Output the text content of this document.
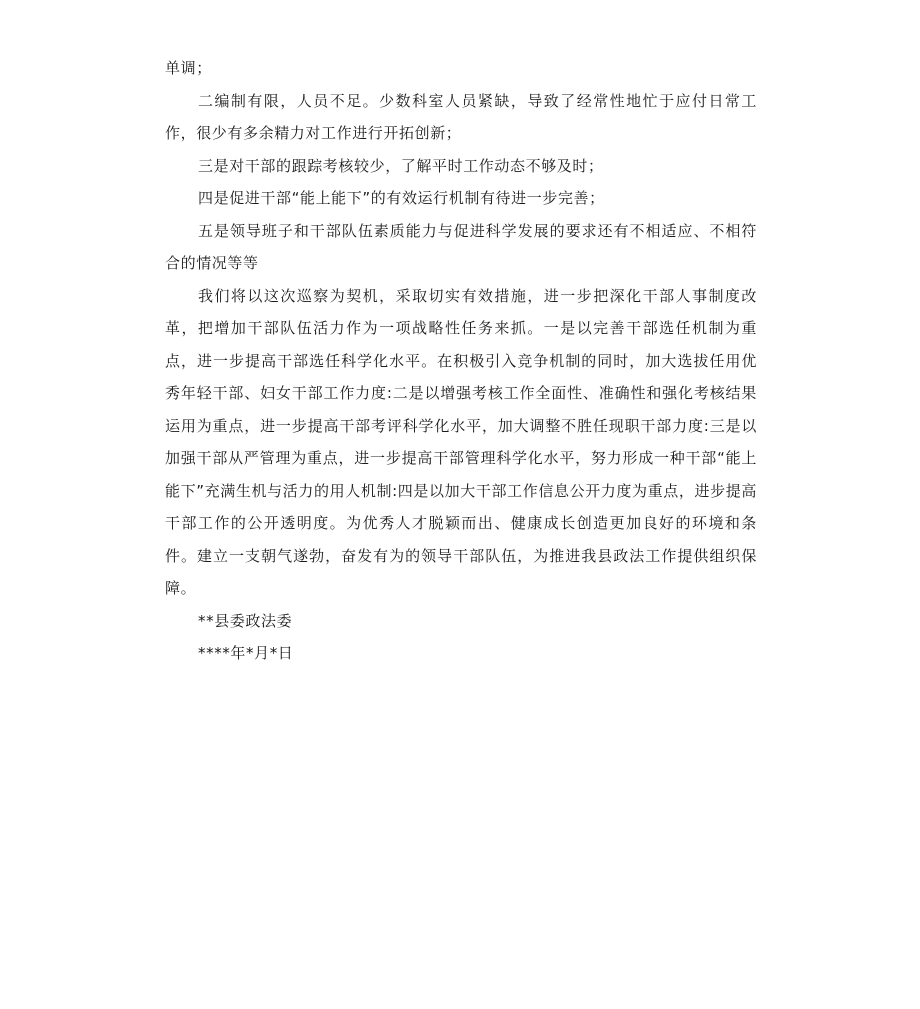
单调；

二编制有限，人员不足。少数科室人员紧缺，导致了经常性地忙于应付日常工作，很少有多余精力对工作进行开拓创新；

三是对干部的跟踪考核较少，了解平时工作动态不够及时；

四是促进干部“能上能下”的有效运行机制有待进一步完善；

五是领导班子和干部队伍素质能力与促进科学发展的要求还有不相适应、不相符合的情况等等

我们将以这次巡察为契机，采取切实有效措施，进一步把深化干部人事制度改革，把增加干部队伍活力作为一项战略性任务来抓。一是以完善干部选任机制为重点，进一步提高干部选任科学化水平。在积极引入竞争机制的同时，加大选拔任用优秀年轻干部、妇女干部工作力度:二是以增强考核工作全面性、准确性和强化考核结果运用为重点，进一步提高干部考评科学化水平，加大调整不胜任现职干部力度:三是以加强干部从严管理为重点，进一步提高干部管理科学化水平，努力形成一种干部“能上能下”充满生机与活力的用人机制:四是以加大干部工作信息公开力度为重点，进步提高干部工作的公开透明度。为优秀人才脱颖而出、健康成长创造更加良好的环境和条件。建立一支朝气遂勃，奋发有为的领导干部队伍，为推进我县政法工作提供组织保障。

**县委政法委

****年*月*日
